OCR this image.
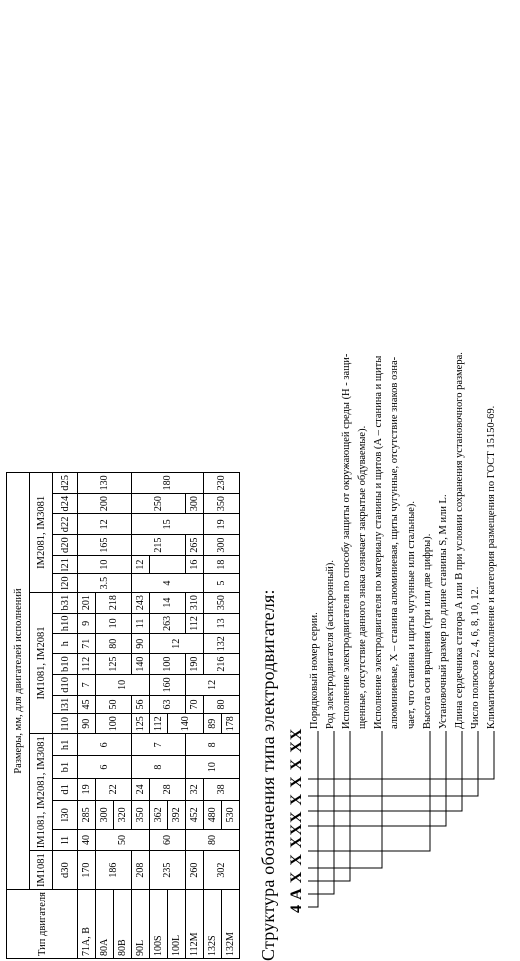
Тип двигателя	Размеры, мм, для двигателей исполнений																		
	IM1081	IM1081, IM2081, IM3081					IM1081, IM2081							IM2081, IM3081					
	d30	l1	l30	d1	b1	h1	l10	l31	d10	b10	h	h10	b31	l20	l21	d20	d22	d24	d25
71A, B	170	40	285	19	6	6	90	45	7	112	71	9	201	3.5	10	165	12	200	130
80A	186	50	300	22			100	50	10	125	80	10	218						
80B			320																
90L	208		350	24	8	7	125	56		140	90	11	243	4	12	215	15	250	180
100S	235	60	362	28			112	63	160	100	12	263	14						
100L			392				140												
112M	260	80	452	32	10	8		70	12	190		112	310		16	265		300	
132S	302		480	38			89	80		216	132	13	350	5	18	300	19	350	230
132M			530				178												Структура обозначения типа электродвигателя: 4 A X X XXX X X X XX
Порядковый номер серии. Род электродвигателя (асинхронный). Исполнение электродвигателя по способу защиты от окружающей среды (Н - защи- щенные, отсутствие данного знака означает закрытые обдуваемые). Исполнение электродвигателя по материалу станины и щитов (А – станина и щиты алюминиевые, Х – станина алюминиевая, щиты чугунные, отсутствие знаков озна- чает, что станина и щиты чугунные или стальные). Высота оси вращения (три или две цифры). Установочный размер по длине станины S, M или L. Длина сердечника статора А или В при условии сохранения установочного размера. Число полюсов 2, 4, 6, 8, 10, 12. Климатическое исполнение и категория размещения по ГОСТ 15150-69.
